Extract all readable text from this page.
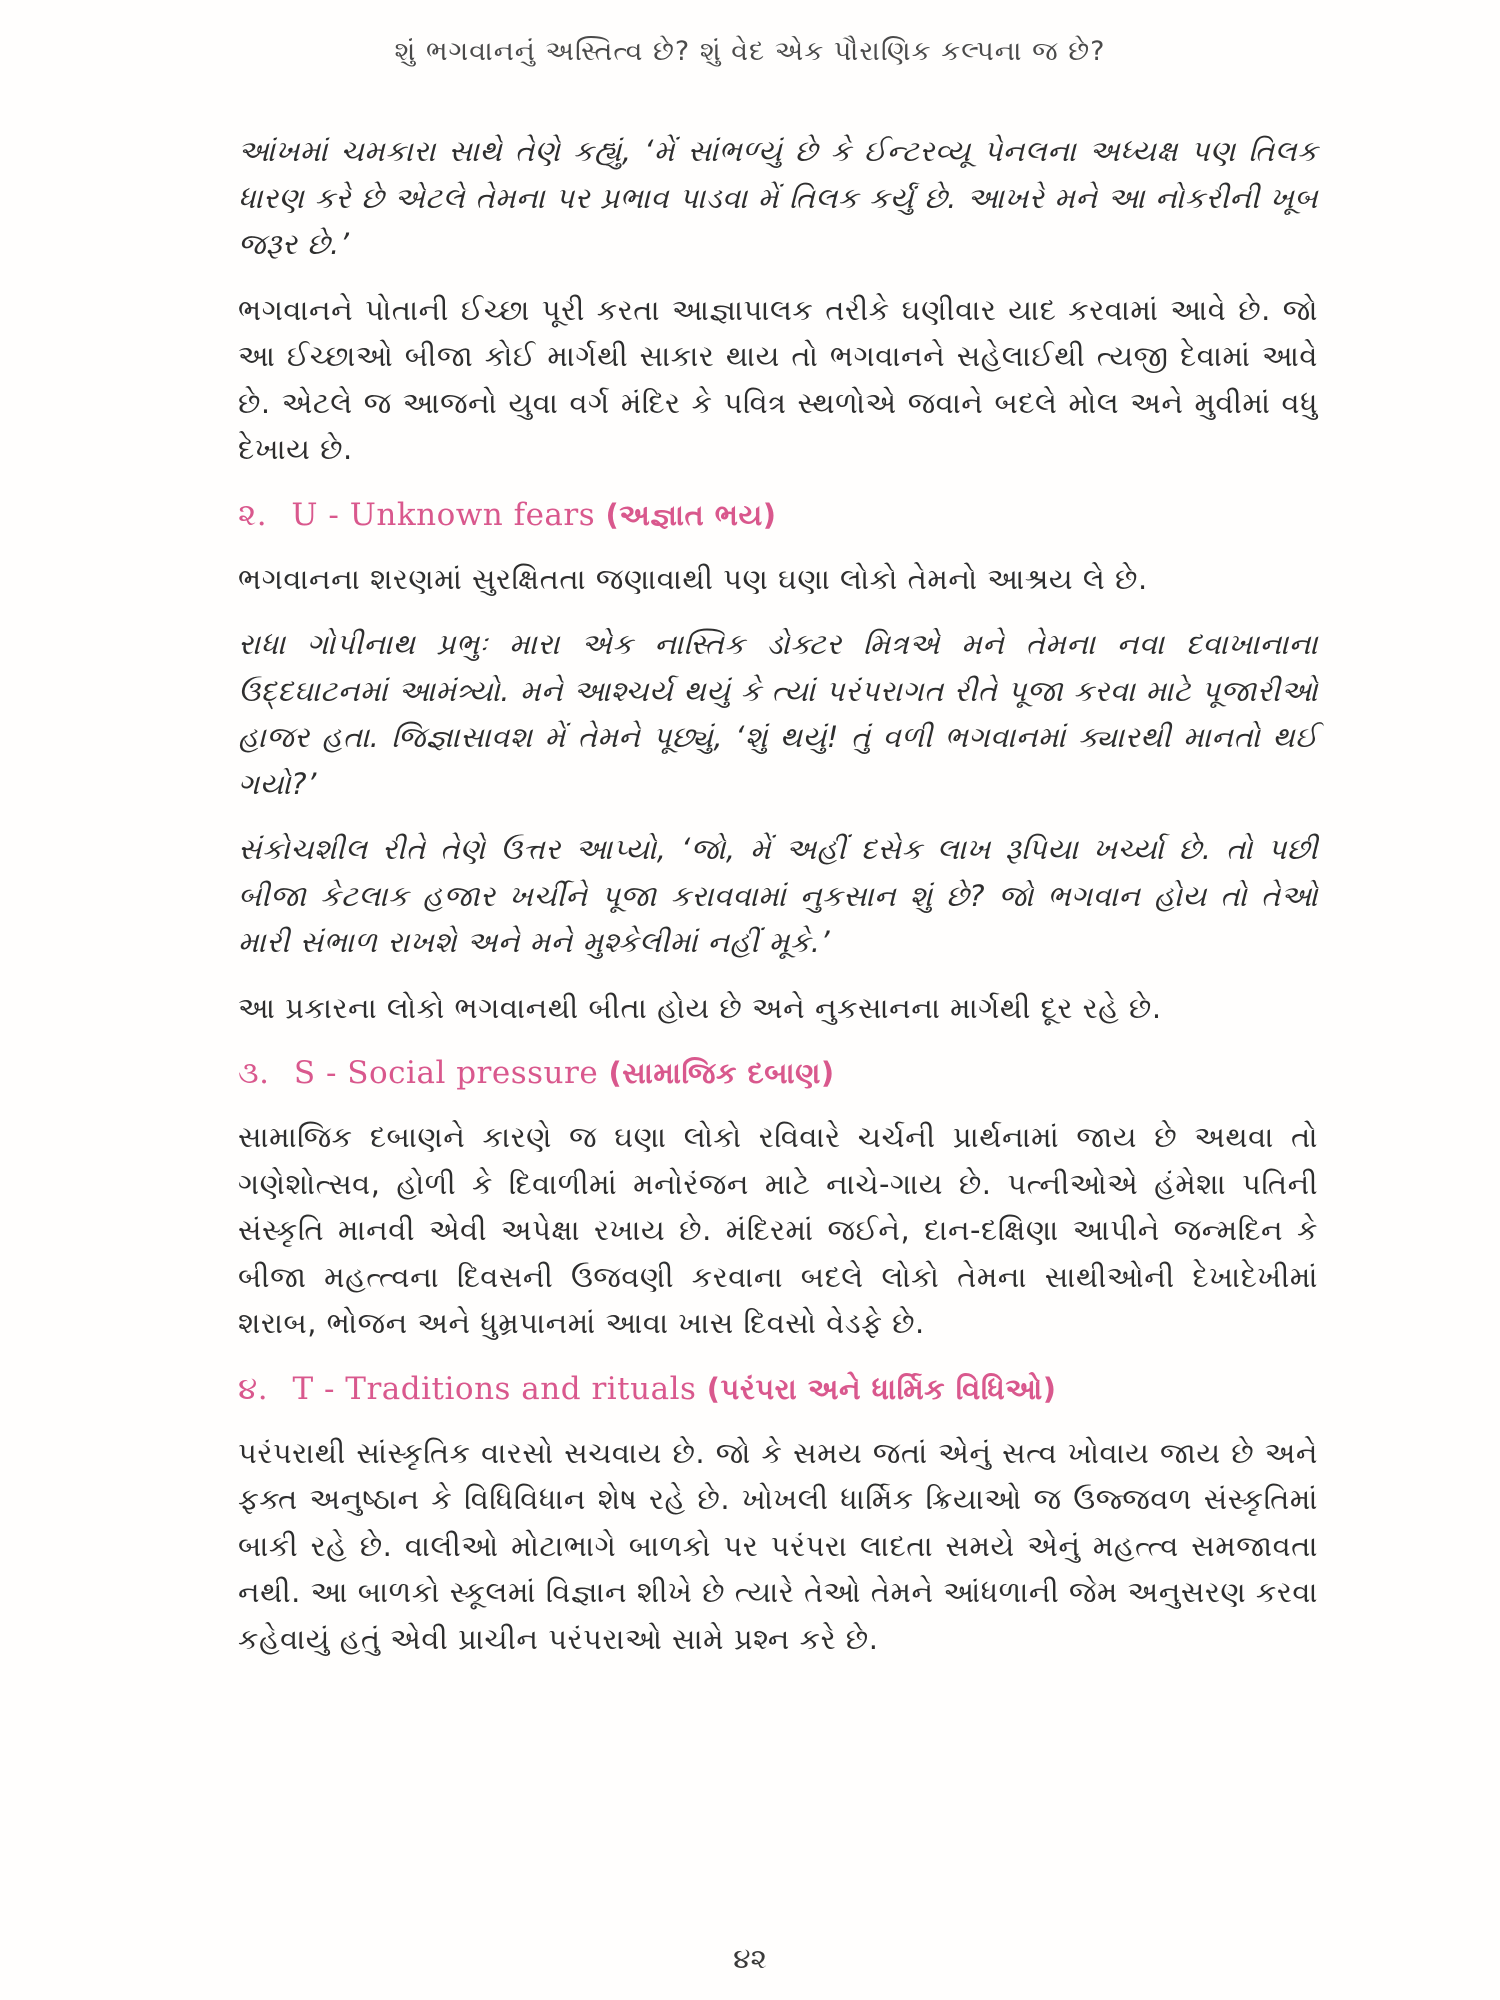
શું ભગવાનનું અસ્તિત્વ છે? શું વેદ એક પૌરાણિક કલ્પના જ છે?

આંખમાં ચમકારા સાથે તેણે કહ્યું, ‘મેં સાંભળ્યું છે કે ઈન્ટરવ્યૂ પેનલના અધ્યક્ષ પણ તિલક ધારણ કરે છે એટલે તેમના પર પ્રભાવ પાડવા મેં તિલક કર્યું છે. આખરે મને આ નોકરીની ખૂબ જરૂર છે.’

ભગવાનને પોતાની ઈચ્છા પૂરી કરતા આજ્ઞાપાલક તરીકે ઘણીવાર યાદ કરવામાં આવે છે. જો આ ઈચ્છાઓ બીજા કોઈ માર્ગથી સાકાર થાય તો ભગવાનને સહેલાઈથી ત્યજી દેવામાં આવે છે. એટલે જ આજનો યુવા વર્ગ મંદિર કે પવિત્ર સ્થળોએ જવાને બદલે મોલ અને મુવીમાં વધુ દેખાય છે.

૨. U - Unknown fears (અજ્ઞાત ભય)

ભગવાનના શરણમાં સુરક્ષિતતા જણાવાથી પણ ઘણા લોકો તેમનો આશ્રય લે છે.

રાધા ગોપીનાથ પ્રભુઃ મારા એક નાસ્તિક ડોક્ટર મિત્રએ મને તેમના નવા દવાખાનાના ઉદ્દઘાટનમાં આમંત્ર્યો. મને આશ્ચર્ય થયું કે ત્યાં પરંપરાગત રીતે પૂજા કરવા માટે પૂજારીઓ હાજર હતા. જિજ્ઞાસાવશ મેં તેમને પૂછ્યું, ‘શું થયું! તું વળી ભગવાનમાં ક્યારથી માનતો થઈ ગયો?’

સંકોચશીલ રીતે તેણે ઉત્તર આપ્યો, ‘જો, મેં અહીં દસેક લાખ રૂપિયા ખર્ચ્યા છે. તો પછી બીજા કેટલાક હજાર ખર્ચીને પૂજા કરાવવામાં નુકસાન શું છે? જો ભગવાન હોય તો તેઓ મારી સંભાળ રાખશે અને મને મુશ્કેલીમાં નહીં મૂકે.’

આ પ્રકારના લોકો ભગવાનથી બીતા હોય છે અને નુકસાનના માર્ગથી દૂર રહે છે.

૩. S - Social pressure (સામાજિક દબાણ)

સામાજિક દબાણને કારણે જ ઘણા લોકો રવિવારે ચર્ચની પ્રાર્થનામાં જાય છે અથવા તો ગણેશોત્સવ, હોળી કે દિવાળીમાં મનોરંજન માટે નાચે-ગાય છે. પત્નીઓએ હંમેશા પતિની સંસ્કૃતિ માનવી એવી અપેક્ષા રખાય છે. મંદિરમાં જઈને, દાન-દક્ષિણા આપીને જન્મદિન કે બીજા મહત્ત્વના દિવસની ઉજવણી કરવાના બદલે લોકો તેમના સાથીઓની દેખાદેખીમાં શરાબ, ભોજન અને ધુમ્રપાનમાં આવા ખાસ દિવસો વેડફે છે.

૪. T - Traditions and rituals (પરંપરા અને ધાર્મિક વિધિઓ)

પરંપરાથી સાંસ્કૃતિક વારસો સચવાય છે. જો કે સમય જતાં એનું સત્વ ખોવાય જાય છે અને ફક્ત અનુષ્ઠાન કે વિધિવિધાન શેષ રહે છે. ખોખલી ધાર્મિક ક્રિયાઓ જ ઉજ્જવળ સંસ્કૃતિમાં બાકી રહે છે. વાલીઓ મોટાભાગે બાળકો પર પરંપરા લાદતા સમયે એનું મહત્ત્વ સમજાવતા નથી. આ બાળકો સ્કૂલમાં વિજ્ઞાન શીખે છે ત્યારે તેઓ તેમને આંધળાની જેમ અનુસરણ કરવા કહેવાયું હતું એવી પ્રાચીન પરંપરાઓ સામે પ્રશ્ન કરે છે.

૪૨
